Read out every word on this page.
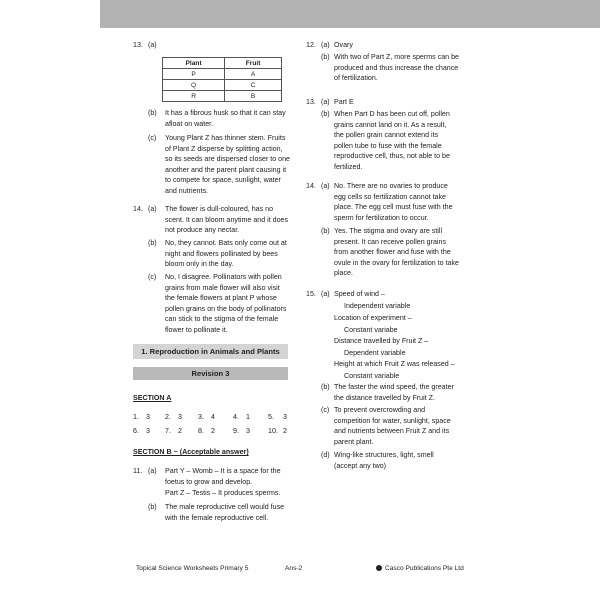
13. (a)
Plant	Fruit
P	A
Q	C
R	B
(b) It has a fibrous husk so that it can stay
afloat on water.
(c) Young Plant Z has thinner stem. Fruits
of Plant Z disperse by splitting action,
so its seeds are dispersed closer to one
another and the parent plant causing it
to compete for space, sunlight, water
and nutrients.
14. (a) The flower is dull-coloured, has no
scent. It can bloom anytime and it does
not produce any nectar.
(b) No, they cannot. Bats only come out at
night and flowers pollinated by bees
bloom only in the day.
(c) No, I disagree. Pollinators with pollen
grains from male flower will also visit
the female flowers at plant P whose
pollen grains on the body of pollinators
can stick to the stigma of the female
flower to pollinate it.
1. Reproduction in Animals and Plants
Revision 3
SECTION A
1. 3 2. 3 3. 4	4. 1	5. 3
6. 3 7. 2 8. 2	9. 3	10. 2
SECTION B ~ (Acceptable answer)
11. (a) Part Y – Womb – It is a space for the
foetus to grow and develop.
Part Z – Testis – It produces sperms.
(b) The male reproductive cell would fuse
with the female reproductive cell.
12. (a) Ovary
(b) With two of Part Z, more sperms can be
produced and thus increase the chance
of fertilization.
13. (a) Part E
(b) When Part D has been cut off, pollen
grains cannot land on it. As a result,
the pollen grain cannot extend its
pollen tube to fuse with the female
reproductive cell, thus, not able to be
fertilized.
14. (a) No. There are no ovaries to produce
egg cells so fertilization cannot take
place. The egg cell must fuse with the
sperm for fertilization to occur.
(b) Yes. The stigma and ovary are still
present. It can receive pollen grains
from another flower and fuse with the
ovule in the ovary for fertilization to take
place.
15. (a) Speed of wind –
Independent variable
Location of experiment –
Constant variabe
Distance travelled by Fruit Z –
Dependent variable
Height at which Fruit Z was released –
Constant variable
(b) The faster the wind speed, the greater
the distance travelled by Fruit Z.
(c) To prevent overcrowding and
competition for water, sunlight, space
and nutrients between Fruit Z and its
parent plant.
(d) Wing-like structures, light, smell
(accept any two)
Topical Science Worksheets Primary 5	Ans-2	Casco Publications Pte Ltd
